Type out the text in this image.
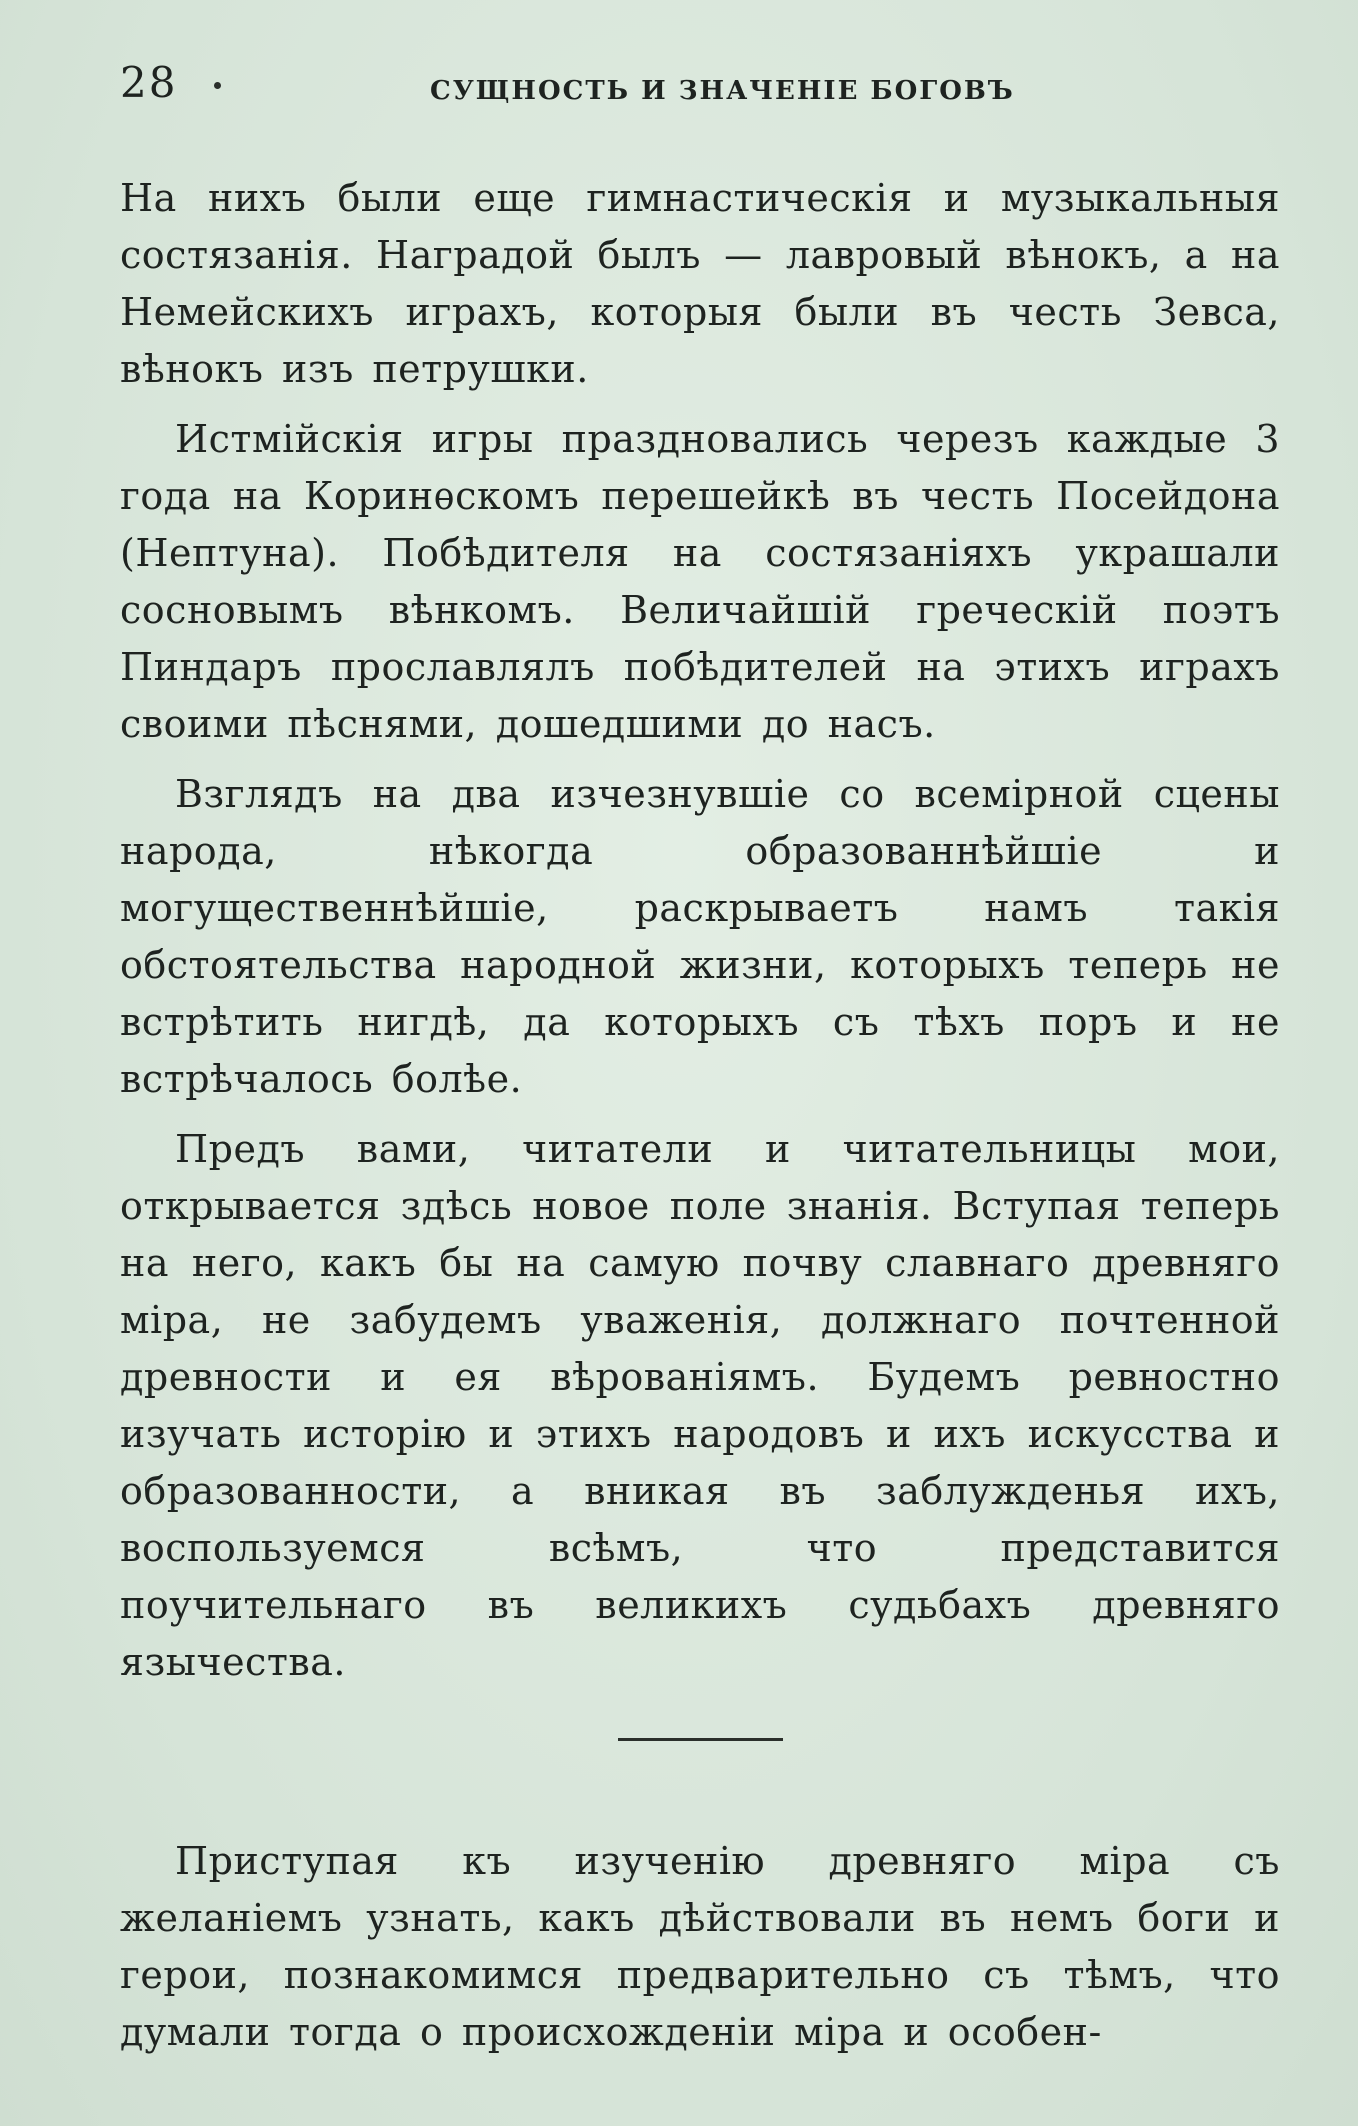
28	СУЩНОСТЬ И ЗНАЧЕНІЕ БОГОВЪ

На нихъ были еще гимнастическія и музыкальныя состязанія. Наградой былъ — лавровый вѣнокъ, а на Немейскихъ играхъ, которыя были въ честь Зевса, вѣнокъ изъ петрушки.

Истмійскія игры праздновались черезъ каждые 3 года на Коринѳскомъ перешейкѣ въ честь Посейдона (Нептуна). Побѣдителя на состязаніяхъ украшали сосновымъ вѣнкомъ. Величайшій греческій поэтъ Пиндаръ прославлялъ побѣдителей на этихъ играхъ своими пѣснями, дошедшими до насъ.

Взглядъ на два изчезнувшіе со всемірной сцены народа, нѣкогда образованнѣйшіе и могущественнѣйшіе, раскрываетъ намъ такія обстоятельства народной жизни, которыхъ теперь не встрѣтить нигдѣ, да которыхъ съ тѣхъ поръ и не встрѣчалось болѣе.

Предъ вами, читатели и читательницы мои, открывается здѣсь новое поле знанія. Вступая теперь на него, какъ бы на самую почву славнаго древняго міра, не забудемъ уваженія, должнаго почтенной древности и ея вѣрованіямъ. Будемъ ревностно изучать исторію и этихъ народовъ и ихъ искусства и образованности, а вникая въ заблужденья ихъ, воспользуемся всѣмъ, что представится поучительнаго въ великихъ судьбахъ древняго язычества.

Приступая къ изученію древняго міра съ желаніемъ узнать, какъ дѣйствовали въ немъ боги и герои, познакомимся предварительно съ тѣмъ, что думали тогда о происхожденіи міра и особен-
